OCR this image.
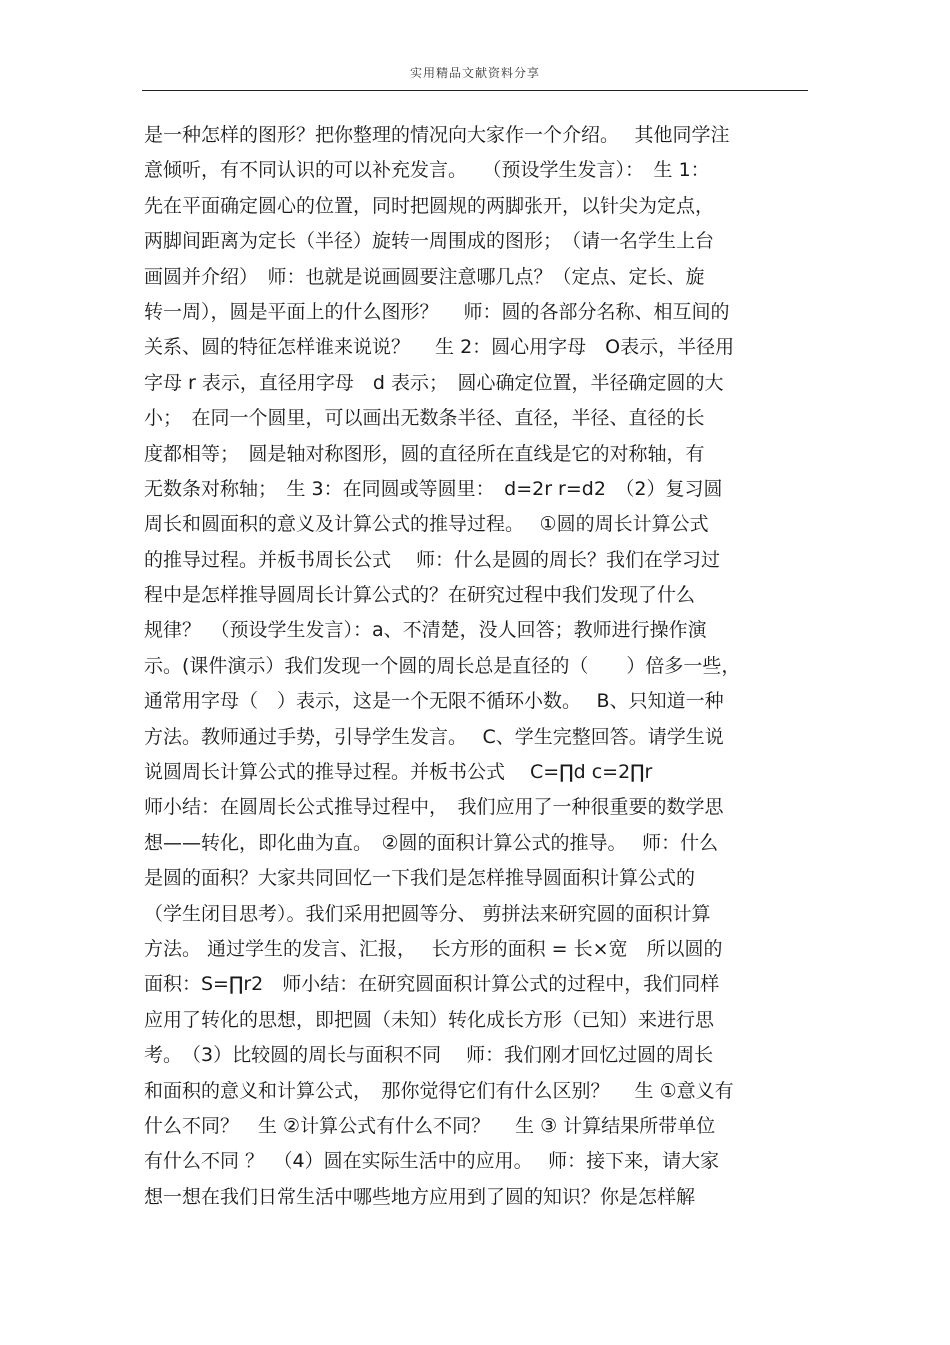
实用精品文献资料分享
是一种怎样的图形？把你整理的情况向大家作一个介绍。　 其他同学注
意倾听，有不同认识的可以补充发言。　 （预设学生发言）：　生 1：
先在平面确定圆心的位置，同时把圆规的两脚张开，以针尖为定点，
两脚间距离为定长（半径）旋转一周围成的图形；　（请一名学生上台
画圆并介绍）　师：也就是说画圆要注意哪几点？（定点、定长、旋
转一周），圆是平面上的什么图形？　 师：圆的各部分名称、相互间的
关系、圆的特征怎样谁来说说？　 生 2：圆心用字母　O表示，半径用
字母 r 表示，直径用字母　d 表示；　圆心确定位置，半径确定圆的大
小；　在同一个圆里，可以画出无数条半径、直径，半径、直径的长
度都相等；　圆是轴对称图形，圆的直径所在直线是它的对称轴，有
无数条对称轴；　生 3：在同圆或等圆里：　d=2r r=d2　（2）复习圆
周长和圆面积的意义及计算公式的推导过程。　 ①圆的周长计算公式
的推导过程。并板书周长公式　 师：什么是圆的周长？我们在学习过
程中是怎样推导圆周长计算公式的？在研究过程中我们发现了什么
规律？　（预设学生发言）：a、不清楚，没人回答；教师进行操作演
示。(课件演示）我们发现一个圆的周长总是直径的（　　）倍多一些，
通常用字母（　）表示，这是一个无限不循环小数。　 B、只知道一种
方法。教师通过手势，引导学生发言。　 C、学生完整回答。请学生说
说圆周长计算公式的推导过程。并板书公式　 C=∏d c=2∏r
师小结：在圆周长公式推导过程中，　我们应用了一种很重要的数学思
想——转化，即化曲为直。　②圆的面积计算公式的推导。　 师：什么
是圆的面积？大家共同回忆一下我们是怎样推导圆面积计算公式的
（学生闭目思考）。我们采用把圆等分、 剪拼法来研究圆的面积计算
方法。 通过学生的发言、汇报，　 长方形的面积 = 长×宽　所以圆的
面积：S=∏r2　师小结：在研究圆面积计算公式的过程中，我们同样
应用了转化的思想，即把圆（未知）转化成长方形（已知）来进行思
考。　（3）比较圆的周长与面积不同　 师：我们刚才回忆过圆的周长
和面积的意义和计算公式，　那你觉得它们有什么区别？　 生 ①意义有
什么不同？　生 ②计算公式有什么不同？　 生 ③ 计算结果所带单位
有什么不同 ？　（4）圆在实际生活中的应用。　 师：接下来，请大家
想一想在我们日常生活中哪些地方应用到了圆的知识？你是怎样解
